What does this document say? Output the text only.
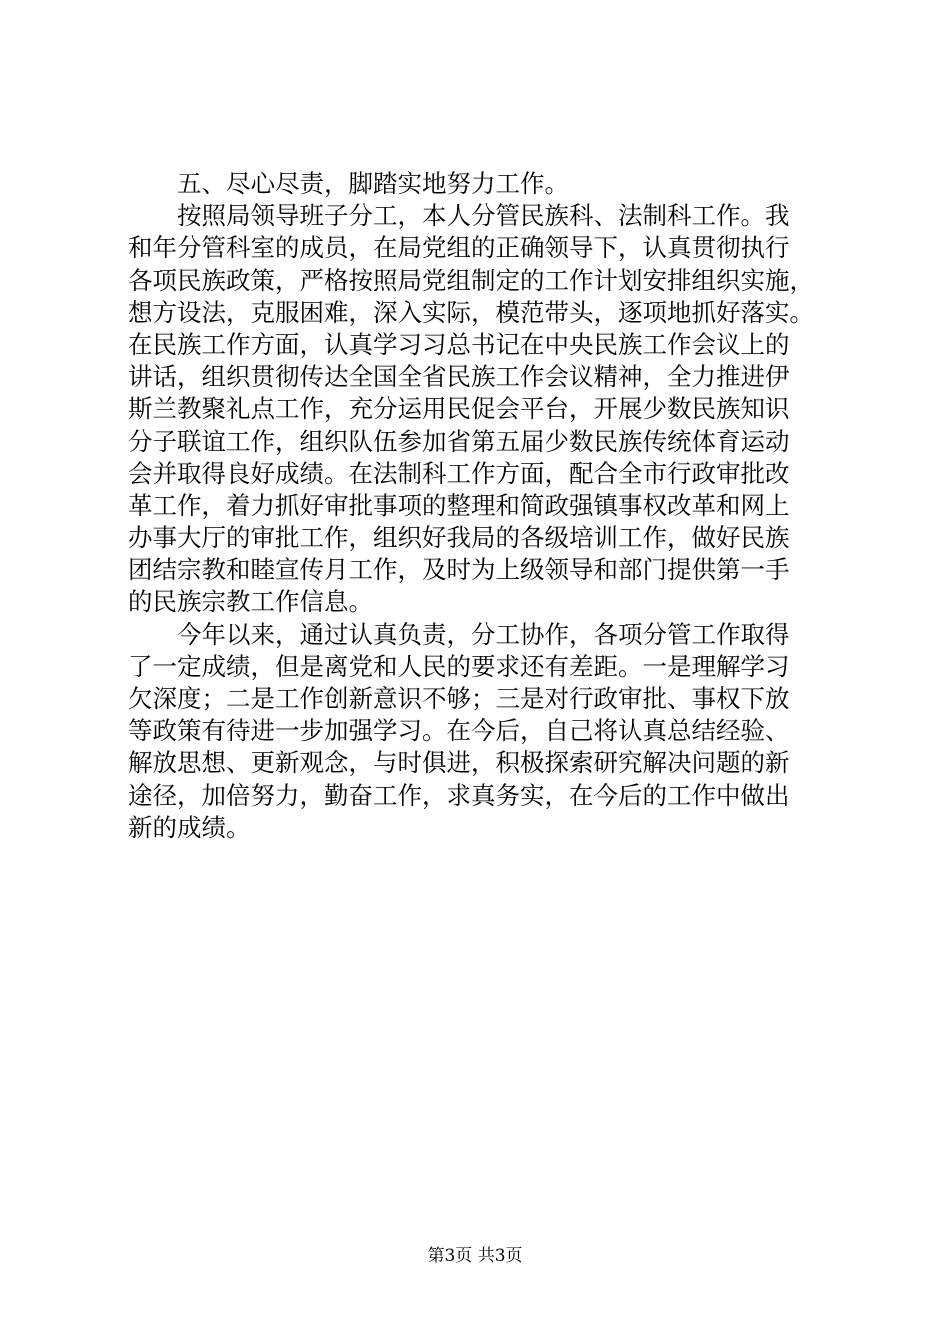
　　五、尽心尽责，脚踏实地努力工作。
　　按照局领导班子分工，本人分管民族科、法制科工作。我
和年分管科室的成员，在局党组的正确领导下，认真贯彻执行
各项民族政策，严格按照局党组制定的工作计划安排组织实施，
想方设法，克服困难，深入实际，模范带头，逐项地抓好落实。
在民族工作方面，认真学习习总书记在中央民族工作会议上的
讲话，组织贯彻传达全国全省民族工作会议精神，全力推进伊
斯兰教聚礼点工作，充分运用民促会平台，开展少数民族知识
分子联谊工作，组织队伍参加省第五届少数民族传统体育运动
会并取得良好成绩。在法制科工作方面，配合全市行政审批改
革工作，着力抓好审批事项的整理和简政强镇事权改革和网上
办事大厅的审批工作，组织好我局的各级培训工作，做好民族
团结宗教和睦宣传月工作，及时为上级领导和部门提供第一手
的民族宗教工作信息。
　　今年以来，通过认真负责，分工协作，各项分管工作取得
了一定成绩，但是离党和人民的要求还有差距。一是理解学习
欠深度；二是工作创新意识不够；三是对行政审批、事权下放
等政策有待进一步加强学习。在今后，自己将认真总结经验、
解放思想、更新观念，与时俱进，积极探索研究解决问题的新
途径，加倍努力，勤奋工作，求真务实，在今后的工作中做出
新的成绩。
第3页 共3页
